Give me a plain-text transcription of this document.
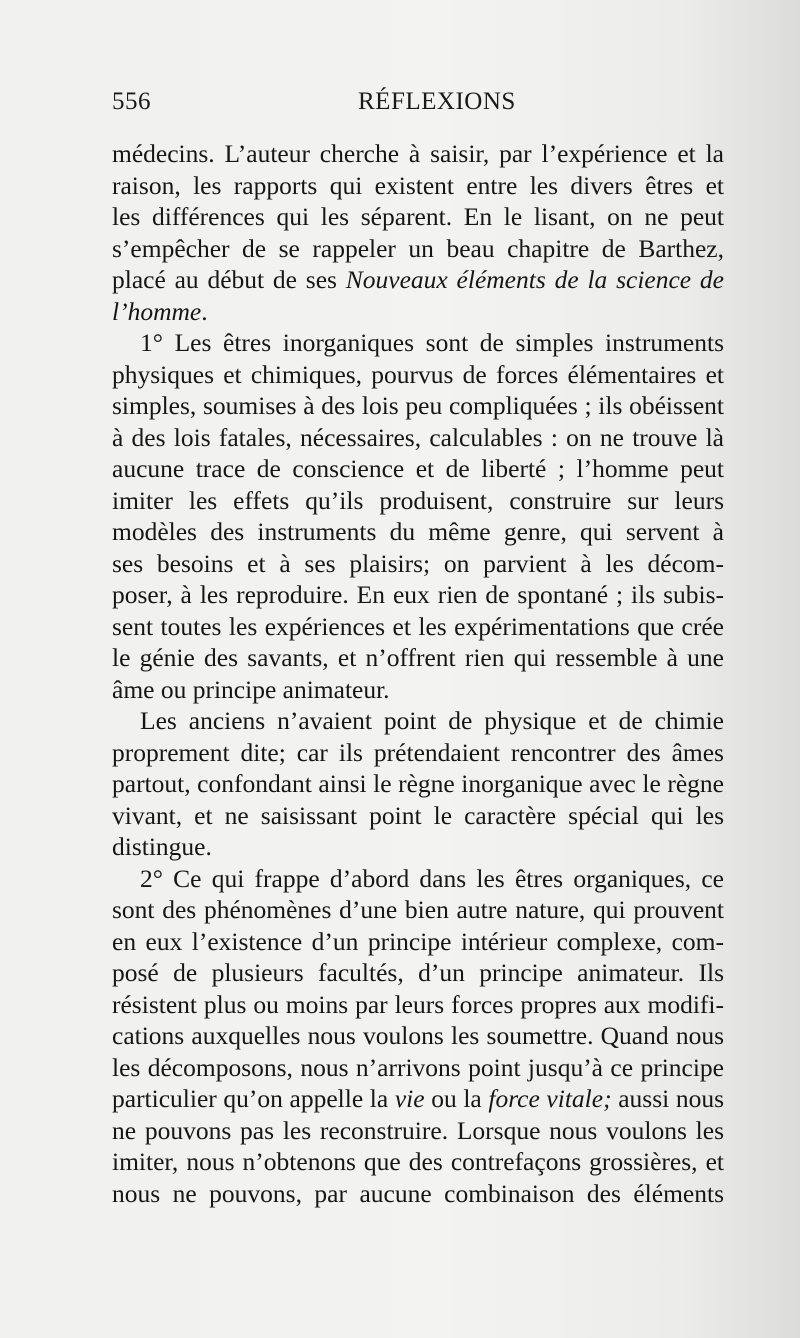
556	RÉFLEXIONS
médecins. L’auteur cherche à saisir, par l’expérience et la
raison, les rapports qui existent entre les divers êtres et
les différences qui les séparent. En le lisant, on ne peut
s’empêcher de se rappeler un beau chapitre de Barthez,
placé au début de ses Nouveaux éléments de la science de
l’homme.
1° Les êtres inorganiques sont de simples instruments
physiques et chimiques, pourvus de forces élémentaires et
simples, soumises à des lois peu compliquées ; ils obéissent
à des lois fatales, nécessaires, calculables : on ne trouve là
aucune trace de conscience et de liberté ; l’homme peut
imiter les effets qu’ils produisent, construire sur leurs
modèles des instruments du même genre, qui servent à
ses besoins et à ses plaisirs; on parvient à les décom-
poser, à les reproduire. En eux rien de spontané ; ils subis-
sent toutes les expériences et les expérimentations que crée
le génie des savants, et n’offrent rien qui ressemble à une
âme ou principe animateur.
Les anciens n’avaient point de physique et de chimie
proprement dite; car ils prétendaient rencontrer des âmes
partout, confondant ainsi le règne inorganique avec le règne
vivant, et ne saisissant point le caractère spécial qui les
distingue.
2° Ce qui frappe d’abord dans les êtres organiques, ce
sont des phénomènes d’une bien autre nature, qui prouvent
en eux l’existence d’un principe intérieur complexe, com-
posé de plusieurs facultés, d’un principe animateur. Ils
résistent plus ou moins par leurs forces propres aux modifi-
cations auxquelles nous voulons les soumettre. Quand nous
les décomposons, nous n’arrivons point jusqu’à ce principe
particulier qu’on appelle la vie ou la force vitale; aussi nous
ne pouvons pas les reconstruire. Lorsque nous voulons les
imiter, nous n’obtenons que des contrefaçons grossières, et
nous ne pouvons, par aucune combinaison des éléments
